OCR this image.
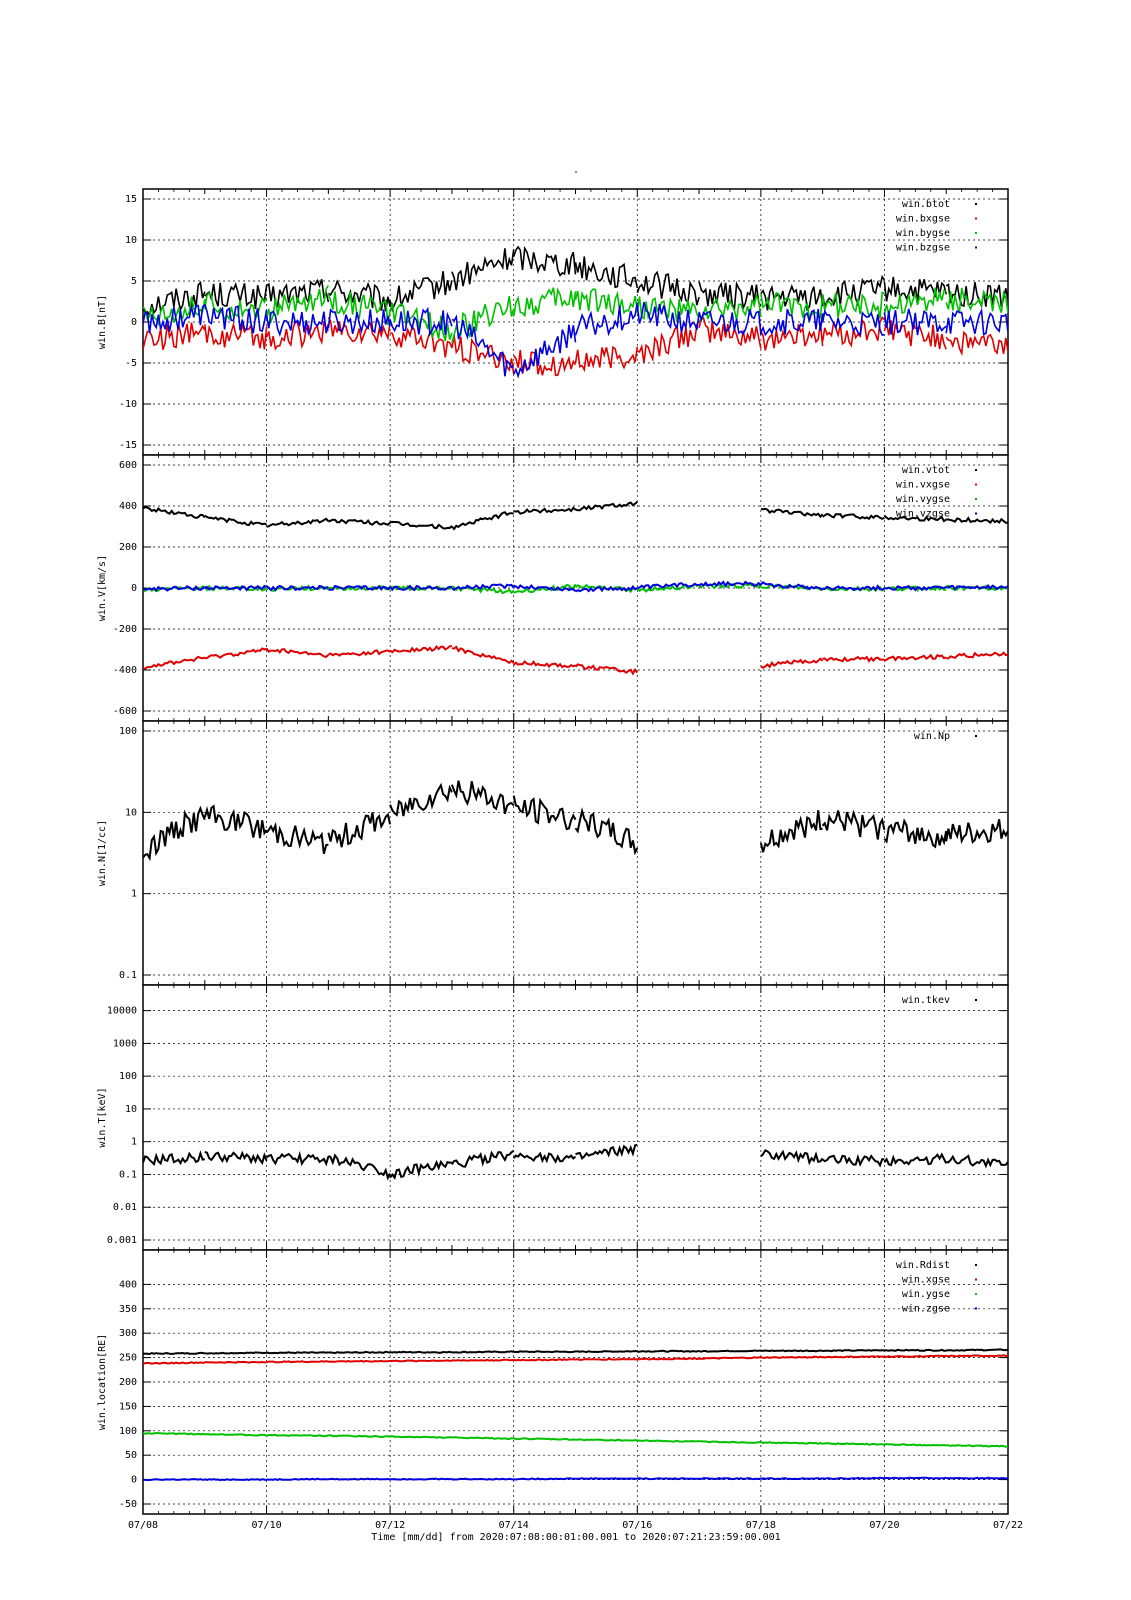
-
15
10
5
0
-5
-10
-15
win.B[nT]
win.btot
win.bxgse
win.bygse
win.bzgse
600
400
200
0
-200
-400
-600
win.V[km/s]
win.vtot
win.vxgse
win.vygse
win.vzgse
100
10
1
0.1
win.N[1/cc]
win.Np
10000
1000
100
10
1
0.1
0.01
0.001
win.T[keV]
win.tkev
400
350
300
250
200
150
100
50
0
-50
win.location[RE]
win.Rdist
win.xgse
win.ygse
win.zgse
07/08	07/10	07/12	07/14	07/16	07/18	07/20	07/22
Time [mm/dd] from 2020:07:08:00:01:00.001 to 2020:07:21:23:59:00.001
